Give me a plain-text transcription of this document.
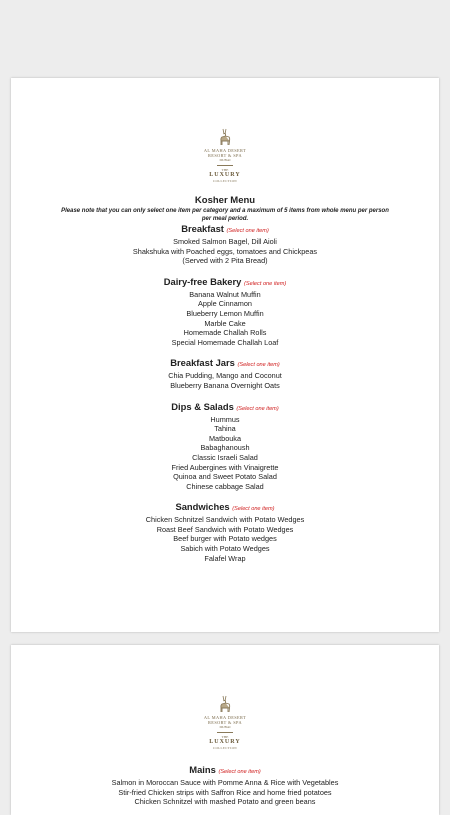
AL MAHA DESERT
RESORT & SPA
DUBAI
THE
LUXURY
COLLECTION
Kosher Menu
Please note that you can only select one item per category and a maximum of 5 items from whole menu per person per meal period.
Breakfast (Select one item)
Smoked Salmon Bagel, Dill Aioli
Shakshuka with Poached eggs, tomatoes and Chickpeas
(Served with 2 Pita Bread)
Dairy-free Bakery (Select one item)
Banana Walnut Muffin
Apple Cinnamon
Blueberry Lemon Muffin
Marble Cake
Homemade Challah Rolls
Special Homemade Challah Loaf
Breakfast Jars (Select one item)
Chia Pudding, Mango and Coconut
Blueberry Banana Overnight Oats
Dips & Salads (Select one item)
Hummus
Tahina
Matbouka
Babaghanoush
Classic Israeli Salad
Fried Aubergines with Vinaigrette
Quinoa and Sweet Potato Salad
Chinese cabbage Salad
Sandwiches (Select one item)
Chicken Schnitzel Sandwich with Potato Wedges
Roast Beef Sandwich with Potato Wedges
Beef burger with Potato wedges
Sabich with Potato Wedges
Falafel Wrap
AL MAHA DESERT
RESORT & SPA
DUBAI
THE
LUXURY
COLLECTION
Mains (Select one item)
Salmon in Moroccan Sauce with Pomme Anna & Rice with Vegetables
Stir-fried Chicken strips with Saffron Rice and home fried potatoes
Chicken Schnitzel with mashed Potato and green beans
